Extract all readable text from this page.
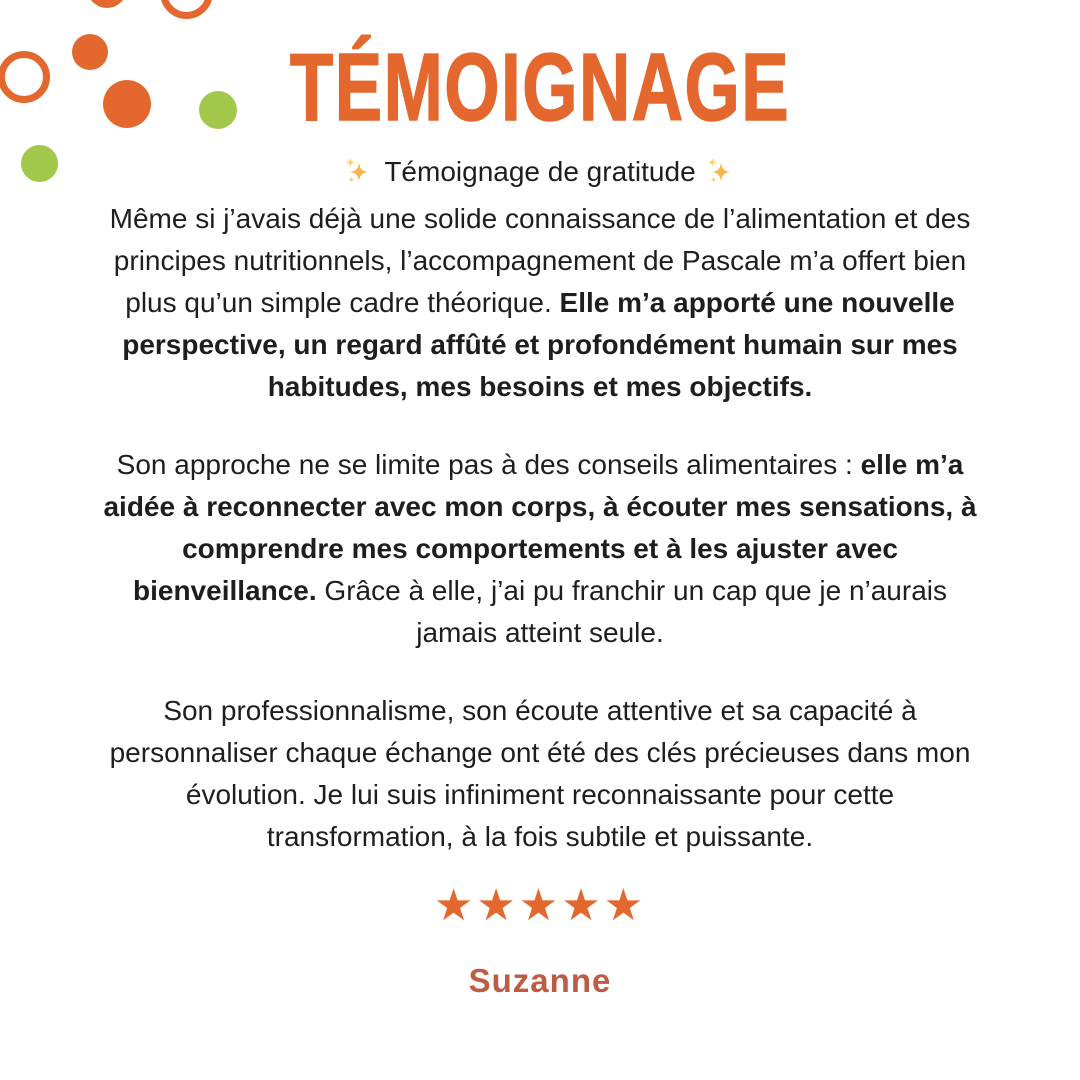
TÉMOIGNAGE
Témoignage de gratitude

Même si j’avais déjà une solide connaissance de l’alimentation et des principes nutritionnels, l’accompagnement de Pascale m’a offert bien plus qu’un simple cadre théorique. Elle m’a apporté une nouvelle perspective, un regard affûté et profondément humain sur mes habitudes, mes besoins et mes objectifs.

Son approche ne se limite pas à des conseils alimentaires : elle m’a aidée à reconnecter avec mon corps, à écouter mes sensations, à comprendre mes comportements et à les ajuster avec bienveillance. Grâce à elle, j’ai pu franchir un cap que je n’aurais jamais atteint seule.

Son professionnalisme, son écoute attentive et sa capacité à personnaliser chaque échange ont été des clés précieuses dans mon évolution. Je lui suis infiniment reconnaissante pour cette transformation, à la fois subtile et puissante.

★★★★★
Suzanne
